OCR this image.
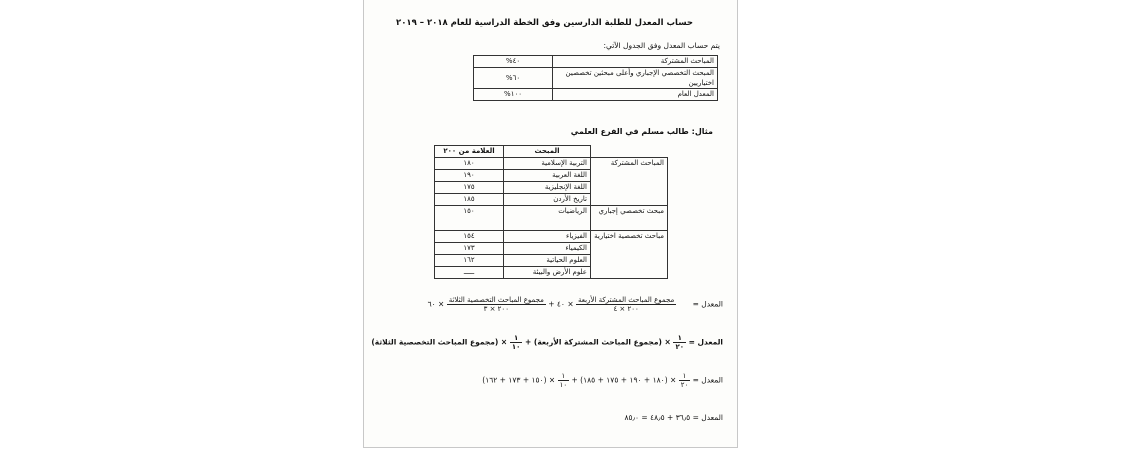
حساب المعدل للطلبة الدارسين وفق الخطة الدراسية للعام ٢٠١٨ – ٢٠١٩
يتم حساب المعدل وفق الجدول الآتي:
المباحث المشتركة	٤٠%
المبحث التخصصي الإجباري وأعلى مبحثين تخصصين اختياريين	٦٠%
المعدل العام	١٠٠%
مثال: طالب مسلم في الفرع العلمي
	المبحث	العلامة من ٢٠٠
المباحث المشتركة	التربية الإسلامية	١٨٠
	اللغة العربية	١٩٠
	اللغة الإنجليزية	١٧٥
	تاريخ الأردن	١٨٥
مبحث تخصصي إجباري	الرياضيات	١٥٠
مباحث تخصصية اختيارية	الفيزياء	١٥٤
	الكيمياء	١٧٣
	العلوم الحياتية	١٦٢
	علوم الأرض والبيئة	ـــــ
المعدل =
$\frac{\text{مجموع المباحث المشتركة الأربعة}}{٢٠٠ \times ٤}$
× ٤٠ +
$\frac{\text{مجموع المباحث التخصصية الثلاثة}}{٢٠٠ \times ٣}$
× ٦٠
المعدل =
$\frac{١}{٢٠}$
× (مجموع المباحث المشتركة الأربعة) +
$\frac{١}{١٠}$
× (مجموع المباحث التخصصية الثلاثة)
المعدل =
$\frac{١}{٢٠}$
× (١٨٠ + ١٩٠ + ١٧٥ + ١٨٥) +
$\frac{١}{١٠}$
× (١٥٠ + ١٧٣ + ١٦٢)
المعدل = ٣٦٫٥ + ٤٨٫٥ = ٨٥٫٠
